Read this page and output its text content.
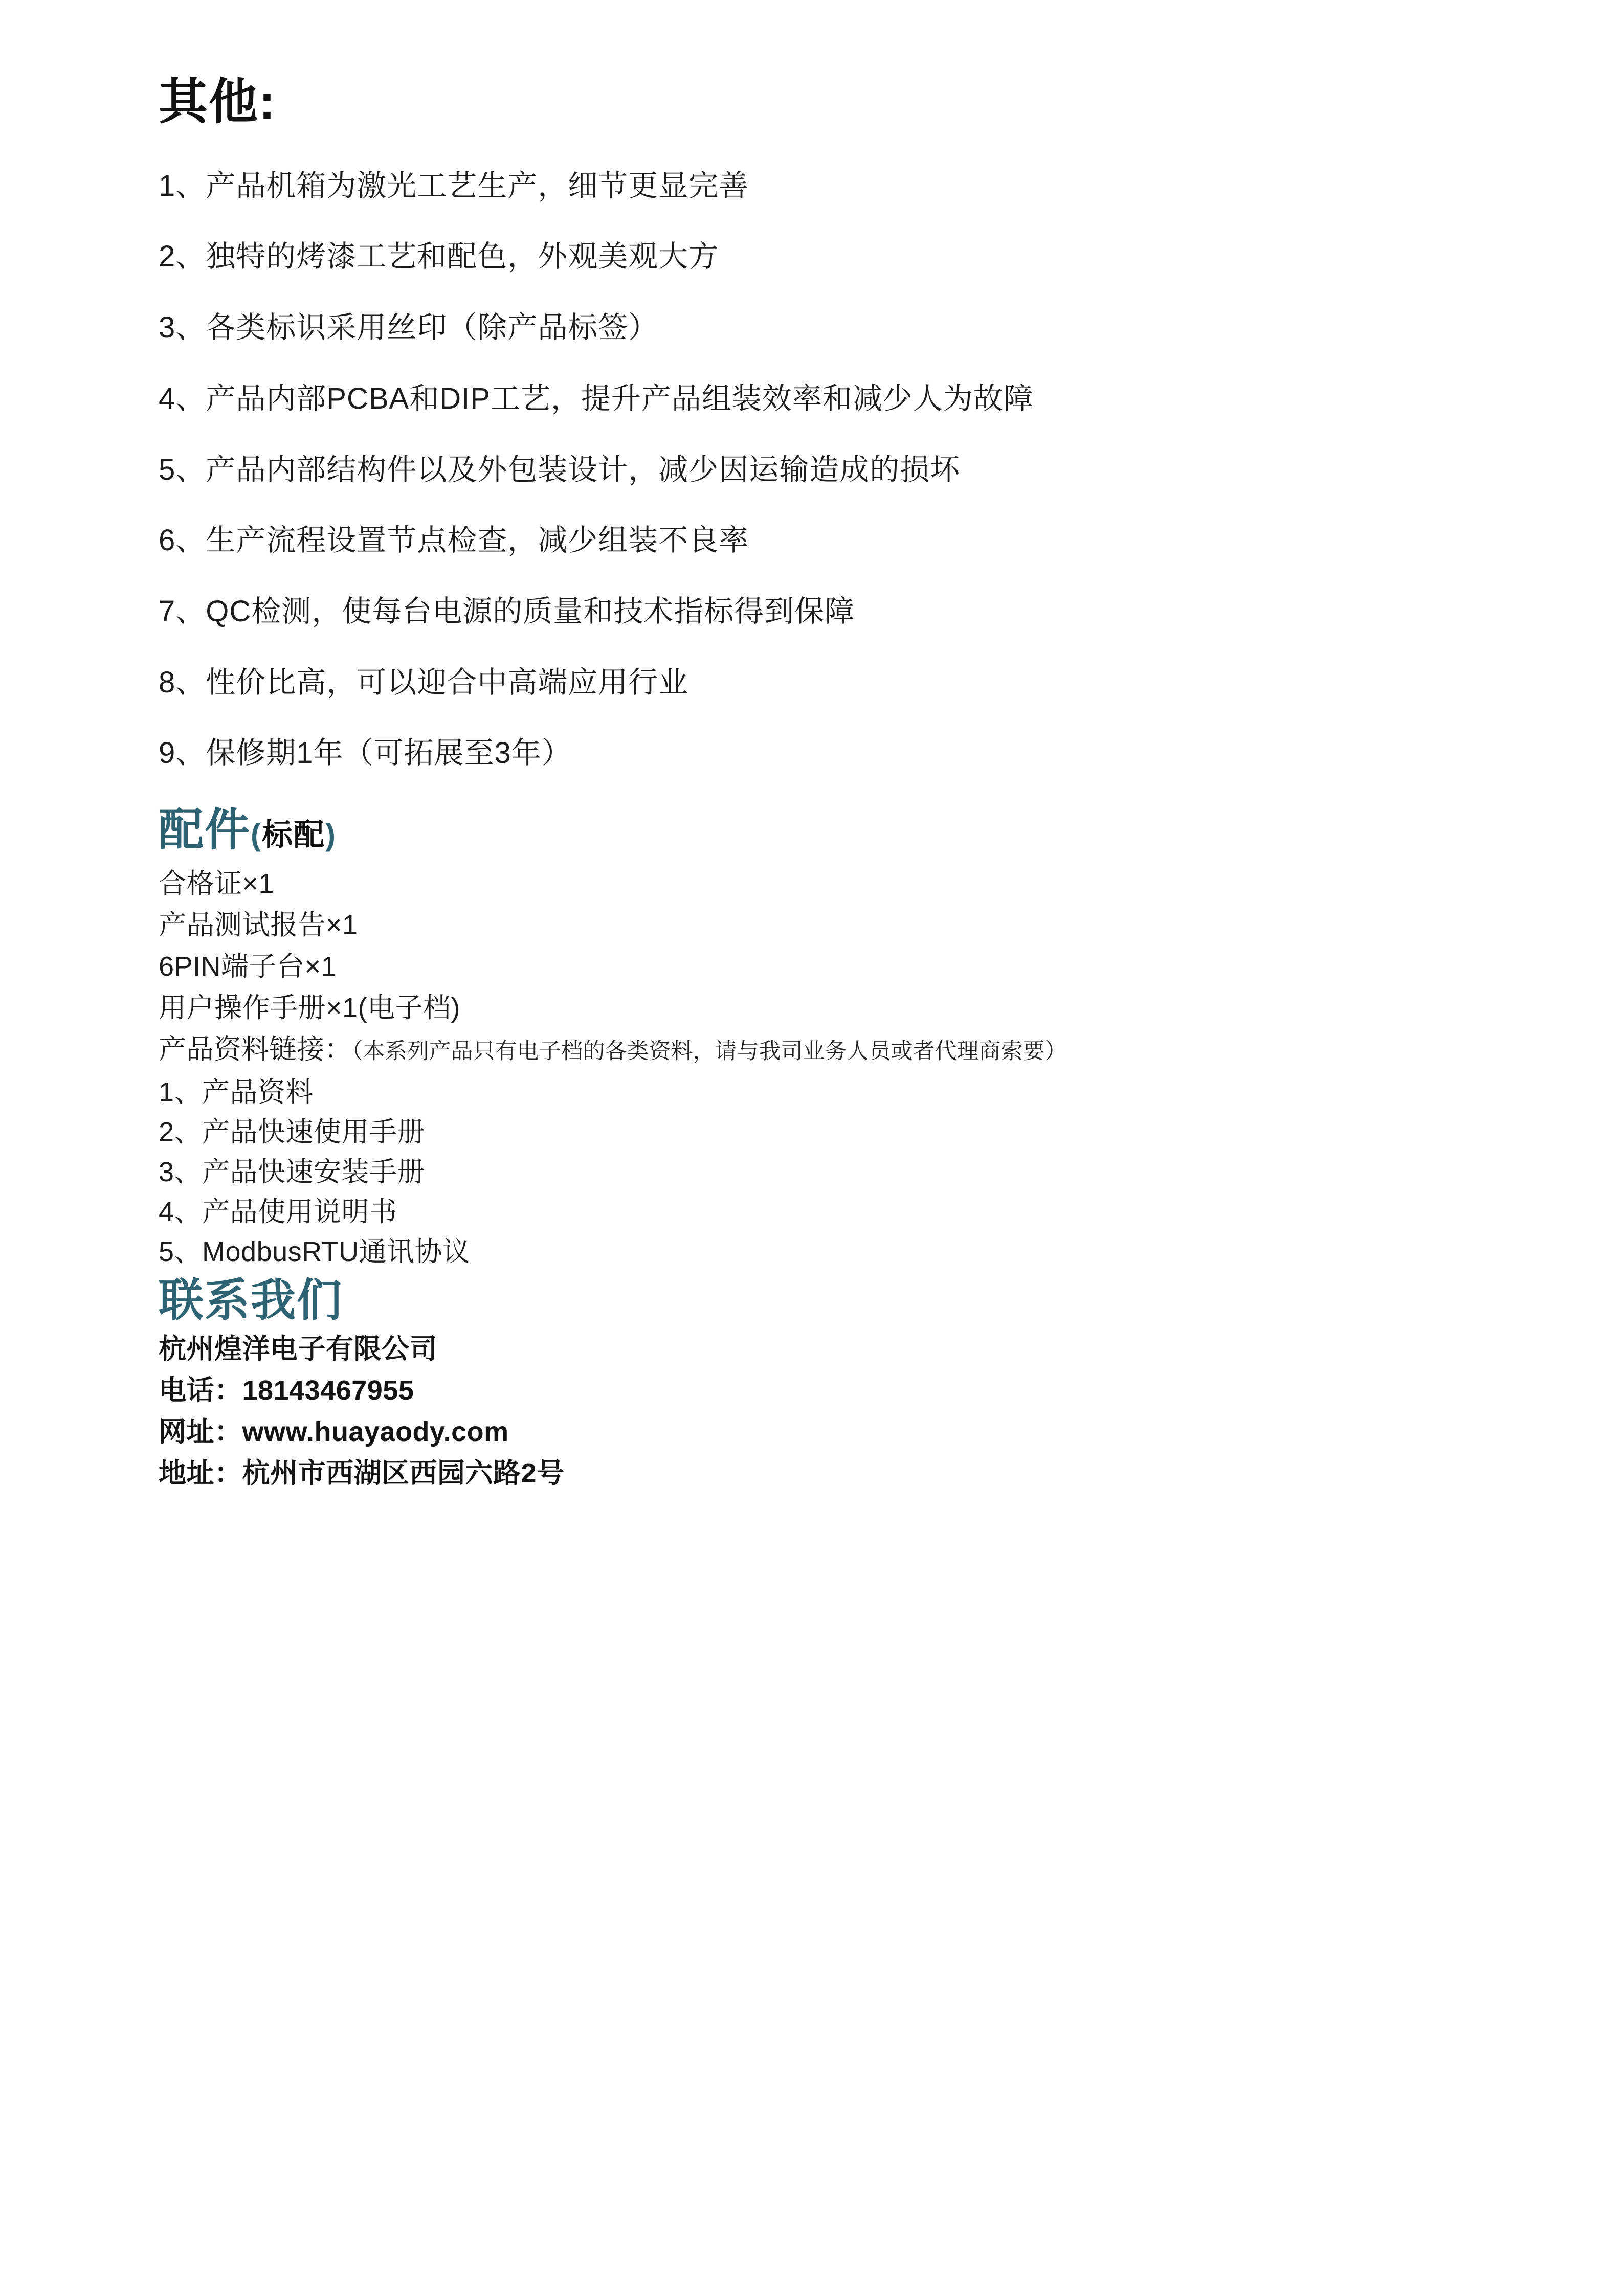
其他:
1、产品机箱为激光工艺生产，细节更显完善
2、独特的烤漆工艺和配色，外观美观大方
3、各类标识采用丝印（除产品标签）
4、产品内部PCBA和DIP工艺，提升产品组装效率和减少人为故障
5、产品内部结构件以及外包装设计，减少因运输造成的损坏
6、生产流程设置节点检查，减少组装不良率
7、QC检测，使每台电源的质量和技术指标得到保障
8、性价比高，可以迎合中高端应用行业
9、保修期1年（可拓展至3年）
配件(标配)
合格证×1
产品测试报告×1
6PIN端子台×1
用户操作手册×1(电子档)

产品资料链接：（本系列产品只有电子档的各类资料，请与我司业务人员或者代理商索要）

1、产品资料
2、产品快速使用手册
3、产品快速安装手册
4、产品使用说明书
5、ModbusRTU通讯协议
联系我们

杭州煌洋电子有限公司

电话：18143467955

网址：www.huayaody.com

地址：杭州市西湖区西园六路2号
